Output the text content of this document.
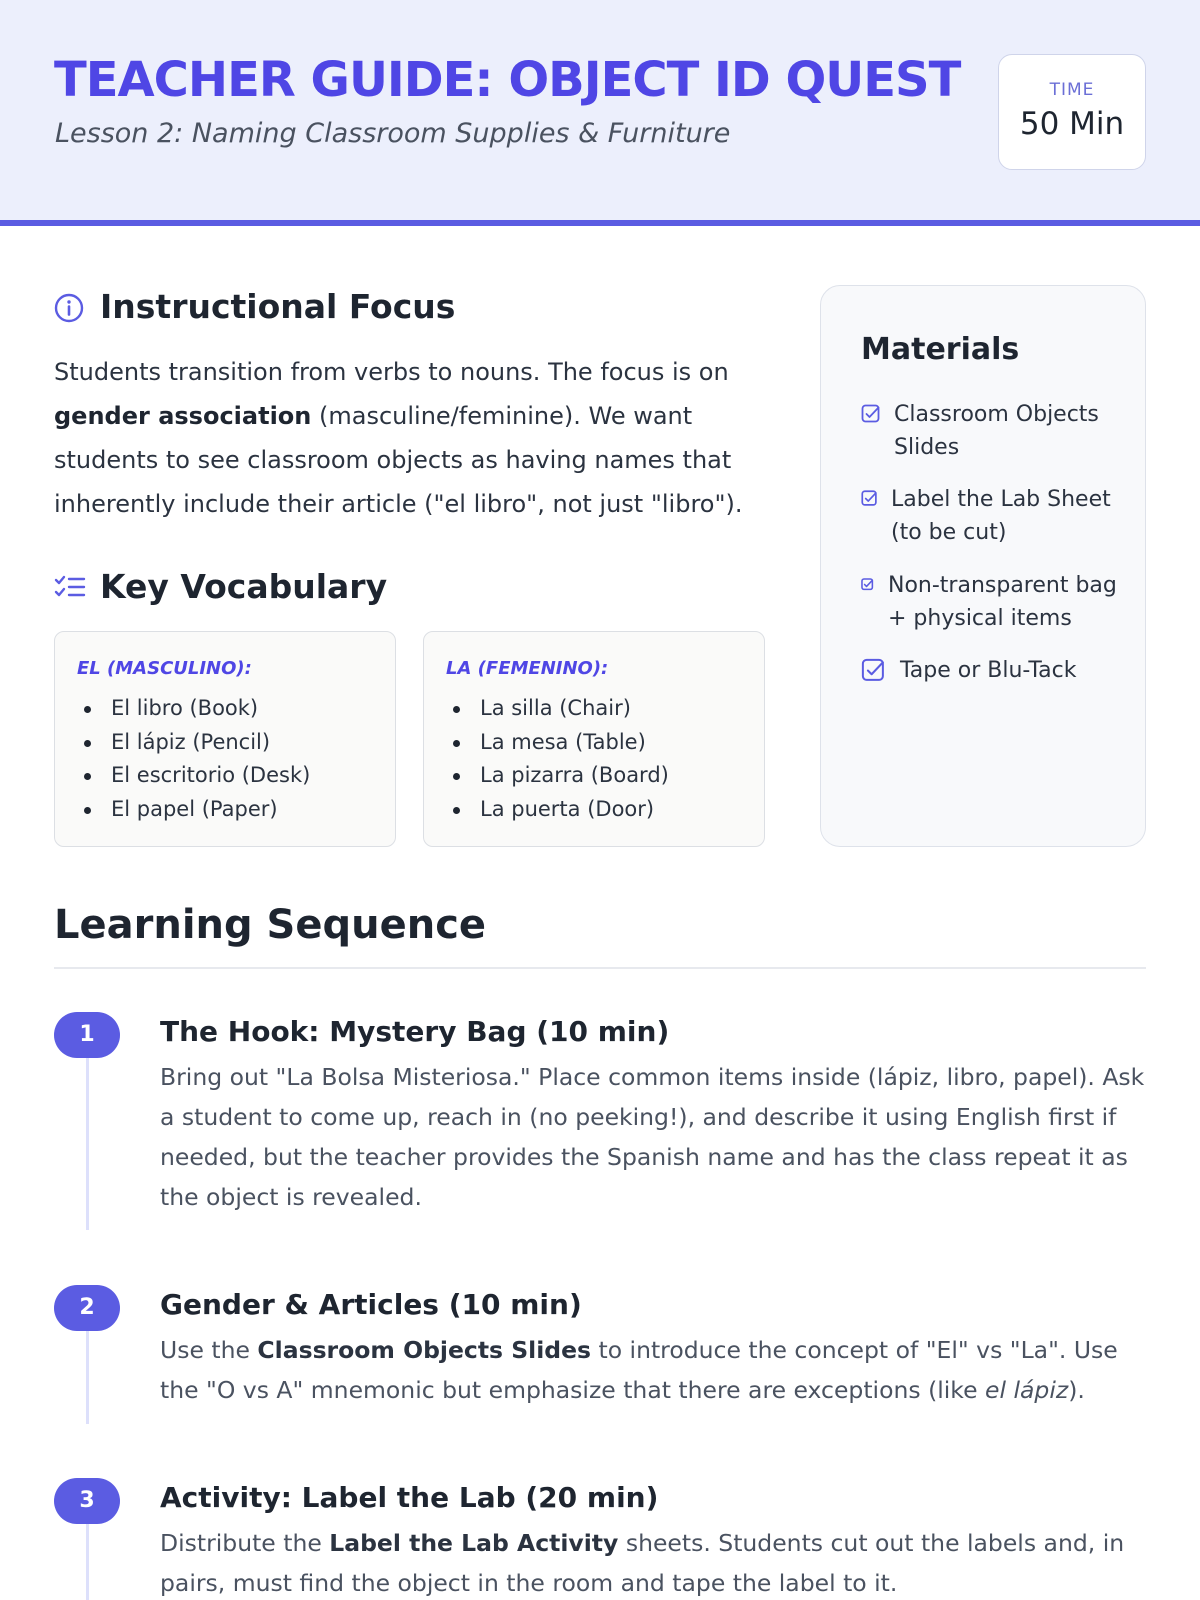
TEACHER GUIDE: OBJECT ID QUEST
Lesson 2: Naming Classroom Supplies & Furniture
TIME
50 Min
Instructional Focus

Students transition from verbs to nouns. The focus is on gender association (masculine/feminine). We want students to see classroom objects as having names that inherently include their article ("el libro", not just "libro").

Key Vocabulary
EL (MASCULINO):
El libro (Book)
El lápiz (Pencil)
El escritorio (Desk)
El papel (Paper)
LA (FEMENINO):
La silla (Chair)
La mesa (Table)
La pizarra (Board)
La puerta (Door)
Materials
Classroom Objects Slides
Label the Lab Sheet (to be cut)
Non-transparent bag + physical items
Tape or Blu-Tack
Learning Sequence
1	The Hook: Mystery Bag (10 min)

Bring out "La Bolsa Misteriosa." Place common items inside (lápiz, libro, papel). Ask a student to come up, reach in (no peeking!), and describe it using English first if needed, but the teacher provides the Spanish name and has the class repeat it as the object is revealed.

2	Gender & Articles (10 min)

Use the Classroom Objects Slides to introduce the concept of "El" vs "La". Use the "O vs A" mnemonic but emphasize that there are exceptions (like el lápiz).

3	Activity: Label the Lab (20 min)

Distribute the Label the Lab Activity sheets. Students cut out the labels and, in pairs, must find the object in the room and tape the label to it.
